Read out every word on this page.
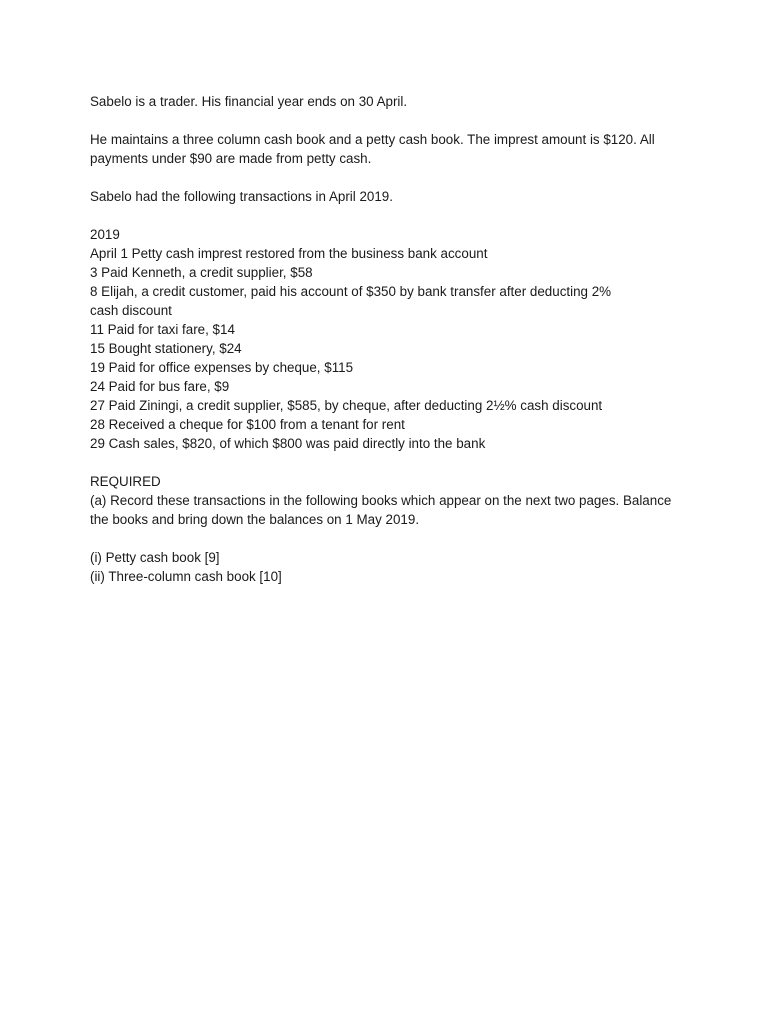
Sabelo is a trader. His financial year ends on 30 April.

He maintains a three column cash book and a petty cash book. The imprest amount is $120. All payments under $90 are made from petty cash.

Sabelo had the following transactions in April 2019.

2019
April 1 Petty cash imprest restored from the business bank account
3 Paid Kenneth, a credit supplier, $58
8 Elijah, a credit customer, paid his account of $350 by bank transfer after deducting 2% cash discount
11 Paid for taxi fare, $14
15 Bought stationery, $24
19 Paid for office expenses by cheque, $115
24 Paid for bus fare, $9
27 Paid Ziningi, a credit supplier, $585, by cheque, after deducting 2½% cash discount
28 Received a cheque for $100 from a tenant for rent
29 Cash sales, $820, of which $800 was paid directly into the bank
REQUIRED
(a) Record these transactions in the following books which appear on the next two pages. Balance the books and bring down the balances on 1 May 2019.
(i) Petty cash book [9]
(ii) Three-column cash book [10]
